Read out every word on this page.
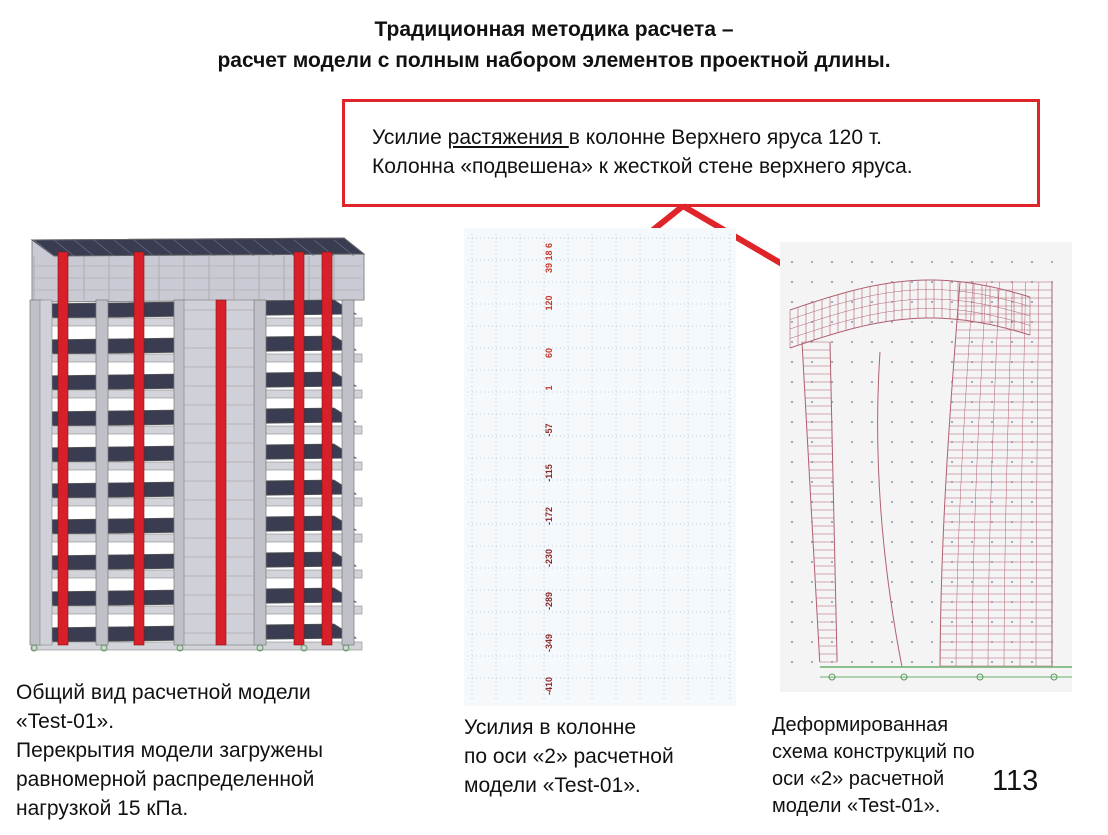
Традиционная методика расчета –
расчет модели с полным набором элементов проектной длины.
Усилие растяжения в колонне Верхнего яруса 120 т.
Колонна «подвешена» к жесткой стене верхнего яруса.
39 18 6
120
60
1
-57
-115
-172
-230
-289
-349
-410
Общий вид расчетной модели
«Test-01».
Перекрытия модели загружены
равномерной распределенной
нагрузкой 15 кПа.
Усилия в колонне
по оси «2» расчетной
модели «Test-01».
Деформированная
схема конструкций по
оси «2» расчетной
модели «Test-01».
113
